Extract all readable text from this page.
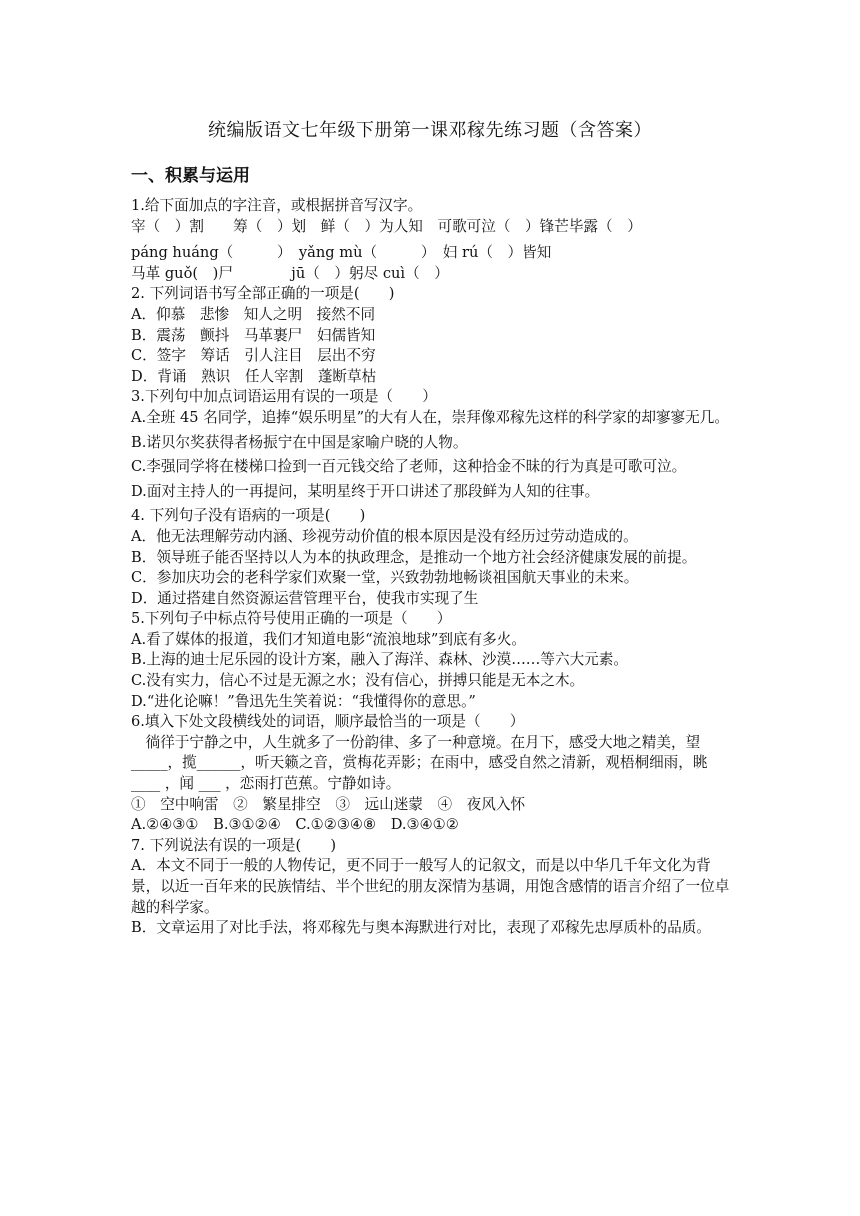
统编版语文七年级下册第一课邓稼先练习题（含答案）
一、积累与运用
1.给下面加点的字注音，或根据拼音写汉字。
宰（　）割　　筹（　）划　鲜（　）为人知　可歌可泣（　）锋芒毕露（　）
páng huáng（　　　）　yǎng mù（　　　）　妇 rú（　）皆知
马革 guǒ(　)尸　　　　jū（　）躬尽 cuì（　）
2. 下列词语书写全部正确的一项是(　　)
A．仰慕　悲惨　知人之明　接然不同
B．震荡　颤抖　马革裹尸　妇儒皆知
C．签字　筹话　引人注目　层出不穷
D．背诵　熟识　任人宰割　蓬断草枯
3.下列句中加点词语运用有误的一项是（　　）
A.全班 45 名同学，追捧“娱乐明星”的大有人在，崇拜像邓稼先这样的科学家的却寥寥无几。
B.诺贝尔奖获得者杨振宁在中国是家喻户晓的人物。
C.李强同学将在楼梯口捡到一百元钱交给了老师，这种拾金不昧的行为真是可歌可泣。
D.面对主持人的一再提问，某明星终于开口讲述了那段鲜为人知的往事。
4. 下列句子没有语病的一项是(　　)
A．他无法理解劳动内涵、珍视劳动价值的根本原因是没有经历过劳动造成的。
B．领导班子能否坚持以人为本的执政理念，是推动一个地方社会经济健康发展的前提。
C．参加庆功会的老科学家们欢聚一堂，兴致勃勃地畅谈祖国航天事业的未来。
D．通过搭建自然资源运营管理平台，使我市实现了生
5.下列句子中标点符号使用正确的一项是（　　）
A.看了媒体的报道，我们才知道电影“流浪地球”到底有多火。
B.上海的迪士尼乐园的设计方案，融入了海洋、森林、沙漠……等六大元素。
C.没有实力，信心不过是无源之水；没有信心，拼搏只能是无本之木。
D.“进化论嘛！”鲁迅先生笑着说：“我懂得你的意思。”
6.填入下处文段横线处的词语，顺序最恰当的一项是（　　）
　徜徉于宁静之中，人生就多了一份韵律、多了一种意境。在月下，感受大地之精美，望_____，揽______，听天籁之音，赏梅花弄影；在雨中，感受自然之清新，观梧桐细雨，眺 ____ ，闻 ___ ，恋雨打芭蕉。宁静如诗。
①　空中响雷　②　繁星排空　③　远山迷蒙　④　夜风入怀
A.②④③①　B.③①②④　C.①②③④⑧　D.③④①②
7. 下列说法有误的一项是(　　)
A．本文不同于一般的人物传记，更不同于一般写人的记叙文，而是以中华几千年文化为背景，以近一百年来的民族情结、半个世纪的朋友深情为基调，用饱含感情的语言介绍了一位卓越的科学家。
B．文章运用了对比手法，将邓稼先与奥本海默进行对比，表现了邓稼先忠厚质朴的品质。
